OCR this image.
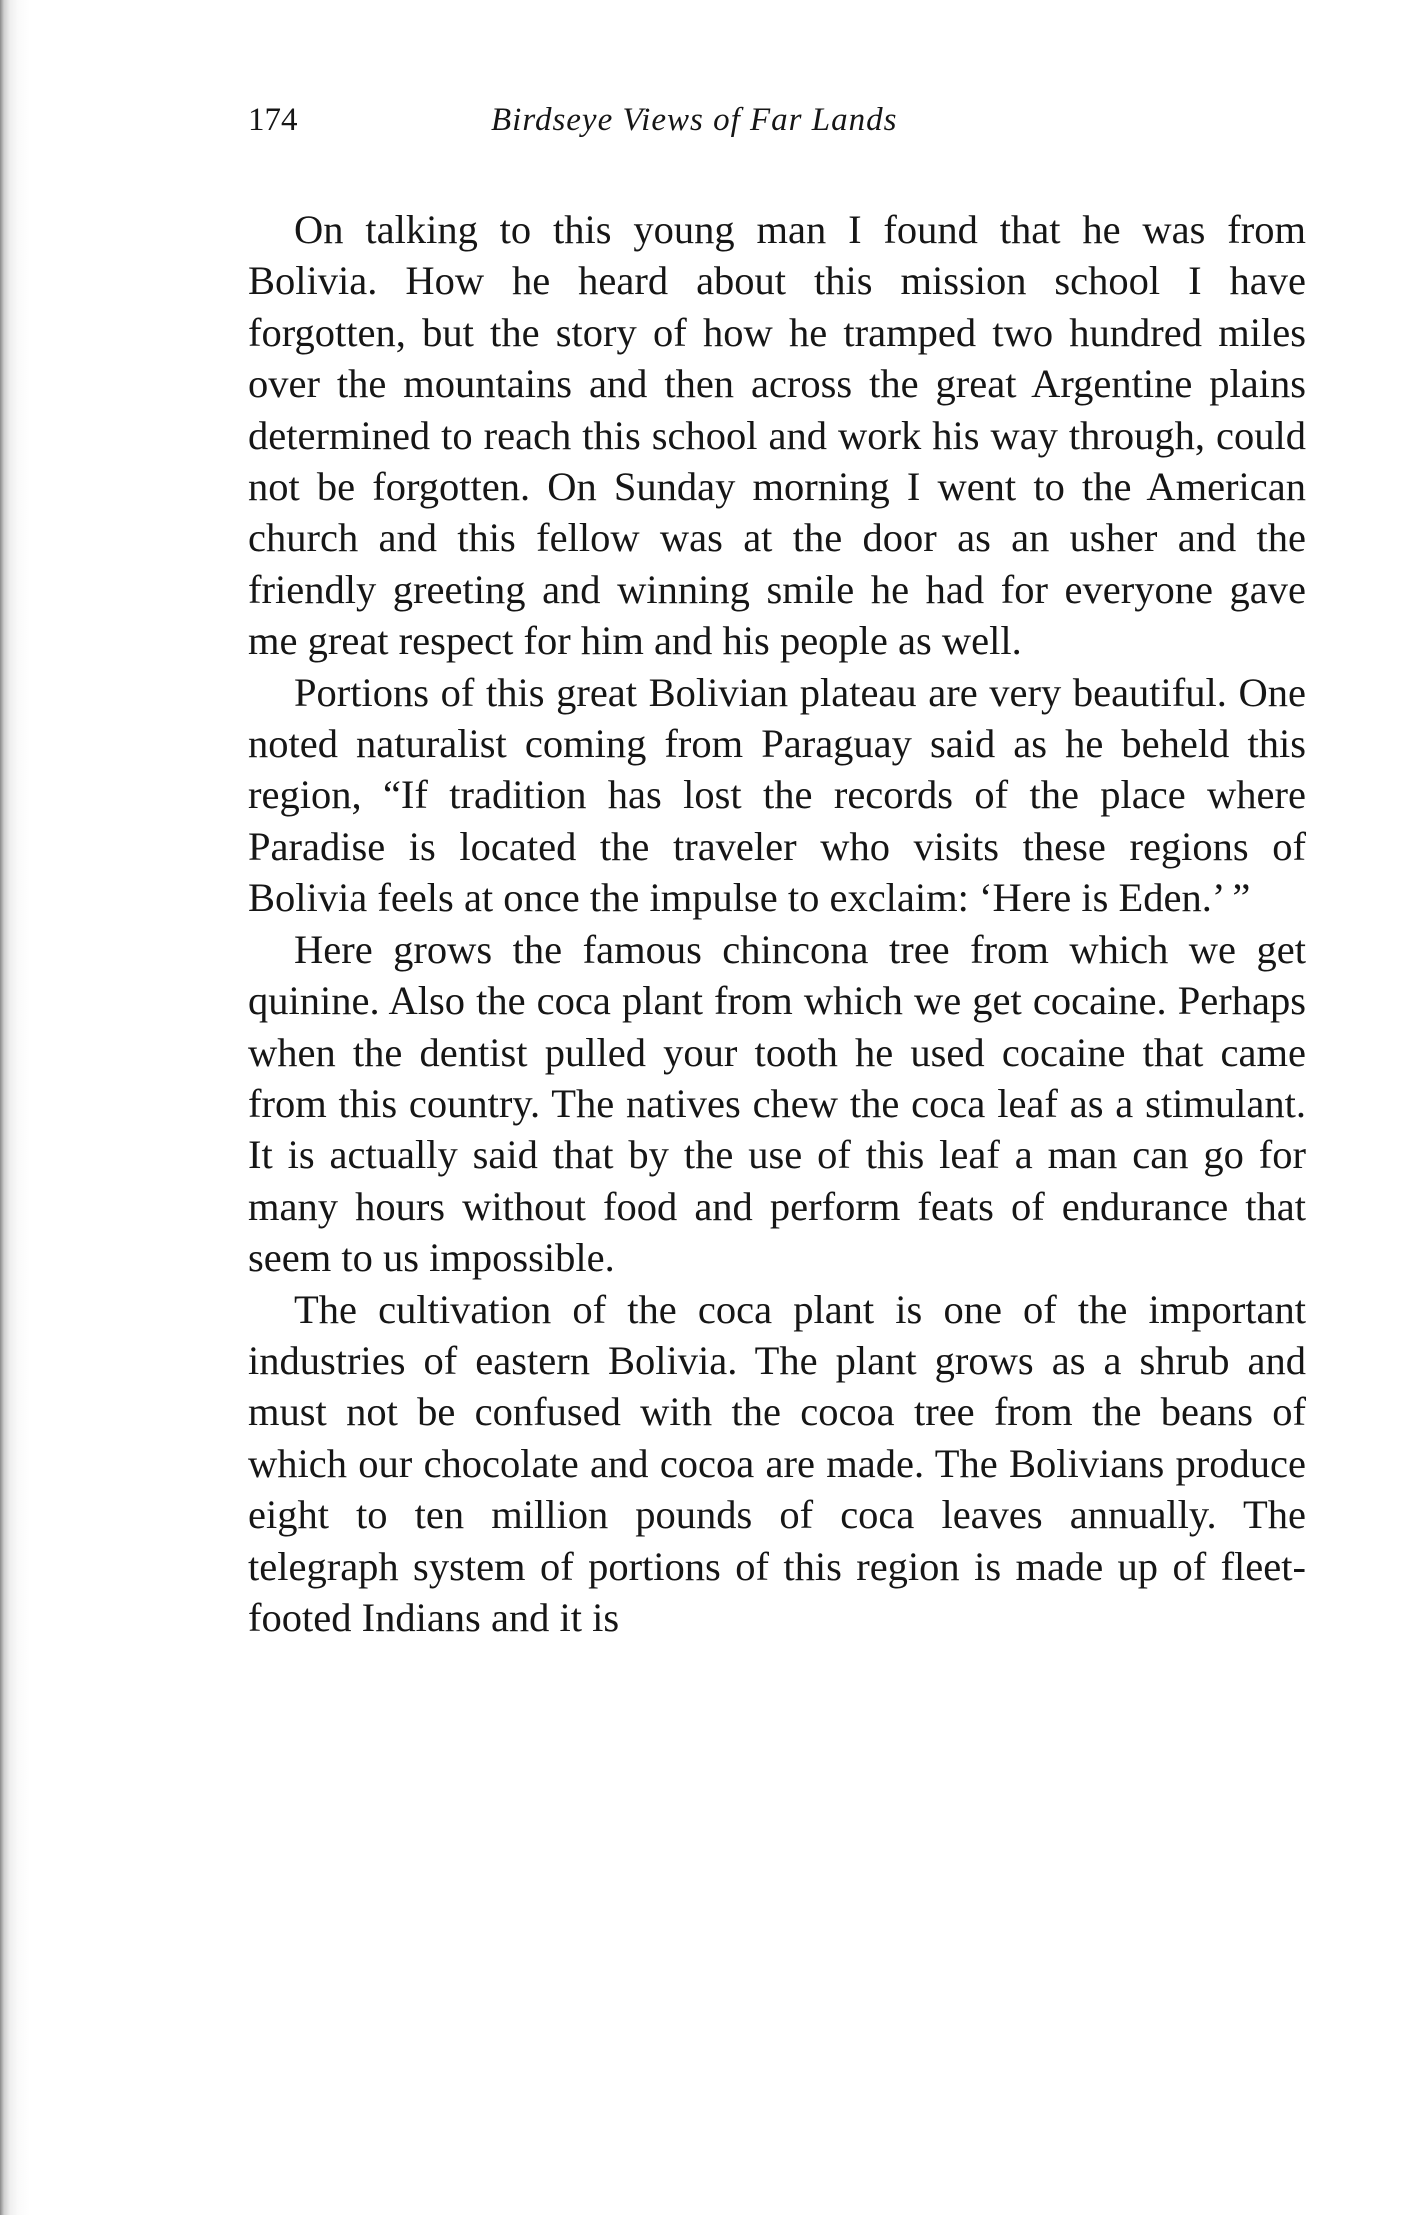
174	Birdseye Views of Far Lands

On talking to this young man I found that he was from Bolivia. How he heard about this mission school I have forgotten, but the story of how he tramped two hundred miles over the mountains and then across the great Argentine plains determined to reach this school and work his way through, could not be forgotten. On Sunday morning I went to the American church and this fellow was at the door as an usher and the friendly greeting and winning smile he had for everyone gave me great respect for him and his people as well.

Portions of this great Bolivian plateau are very beautiful. One noted naturalist coming from Paraguay said as he beheld this region, “If tradition has lost the records of the place where Paradise is located the traveler who visits these regions of Bolivia feels at once the impulse to exclaim: ‘Here is Eden.’ ”

Here grows the famous chincona tree from which we get quinine. Also the coca plant from which we get cocaine. Perhaps when the dentist pulled your tooth he used cocaine that came from this country. The natives chew the coca leaf as a stimulant. It is actually said that by the use of this leaf a man can go for many hours without food and perform feats of endurance that seem to us impossible.

The cultivation of the coca plant is one of the important industries of eastern Bolivia. The plant grows as a shrub and must not be confused with the cocoa tree from the beans of which our chocolate and cocoa are made. The Bolivians produce eight to ten million pounds of coca leaves annually. The telegraph system of portions of this region is made up of fleet-footed Indians and it is
